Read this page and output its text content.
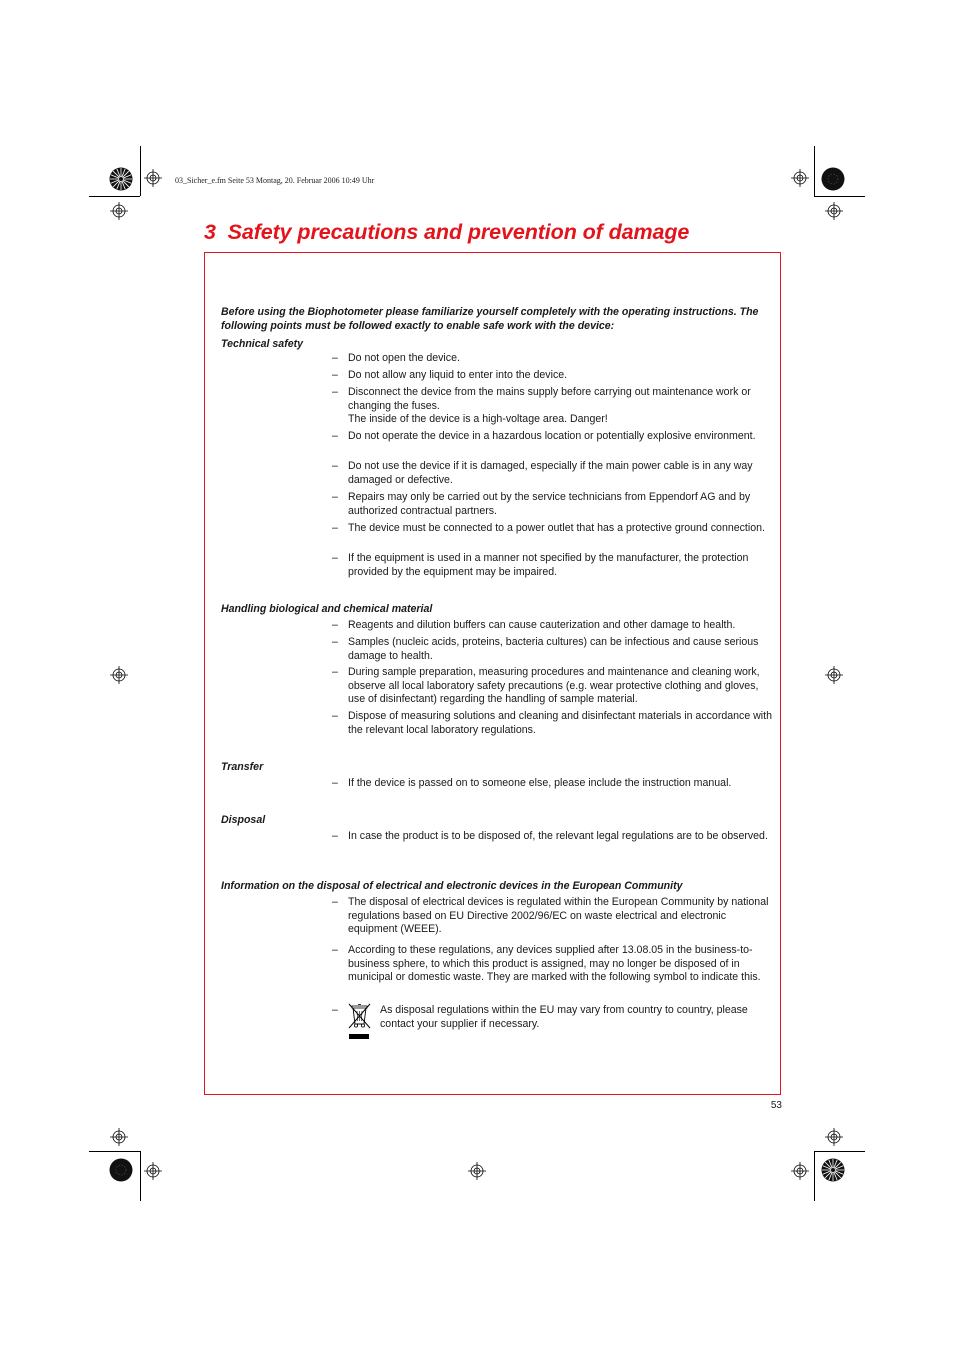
03_Sicher_e.fm Seite 53 Montag, 20. Februar 2006 10:49 Uhr
3 Safety precautions and prevention of damage
Before using the Biophotometer please familiarize yourself completely with the operating instructions. The following points must be followed exactly to enable safe work with the device:
Technical safety
– Do not open the device.
– Do not allow any liquid to enter into the device.
– Disconnect the device from the mains supply before carrying out maintenance work or changing the fuses.
The inside of the device is a high-voltage area. Danger!
– Do not operate the device in a hazardous location or potentially explosive environment.
– Do not use the device if it is damaged, especially if the main power cable is in any way damaged or defective.
– Repairs may only be carried out by the service technicians from Eppendorf AG and by authorized contractual partners.
– The device must be connected to a power outlet that has a protective ground connection.
– If the equipment is used in a manner not specified by the manufacturer, the protection provided by the equipment may be impaired.
Handling biological and chemical material
– Reagents and dilution buffers can cause cauterization and other damage to health.
– Samples (nucleic acids, proteins, bacteria cultures) can be infectious and cause serious damage to health.
– During sample preparation, measuring procedures and maintenance and cleaning work, observe all local laboratory safety precautions (e.g. wear protective clothing and gloves, use of disinfectant) regarding the handling of sample material.
– Dispose of measuring solutions and cleaning and disinfectant materials in accordance with the relevant local laboratory regulations.
Transfer
– If the device is passed on to someone else, please include the instruction manual.
Disposal
– In case the product is to be disposed of, the relevant legal regulations are to be observed.
Information on the disposal of electrical and electronic devices in the European Community
– The disposal of electrical devices is regulated within the European Community by national regulations based on EU Directive 2002/96/EC on waste electrical and electronic equipment (WEEE).
– According to these regulations, any devices supplied after 13.08.05 in the business-to-business sphere, to which this product is assigned, may no longer be disposed of in municipal or domestic waste. They are marked with the following symbol to indicate this.
–	As disposal regulations within the EU may vary from country to country, please contact your supplier if necessary.
53
